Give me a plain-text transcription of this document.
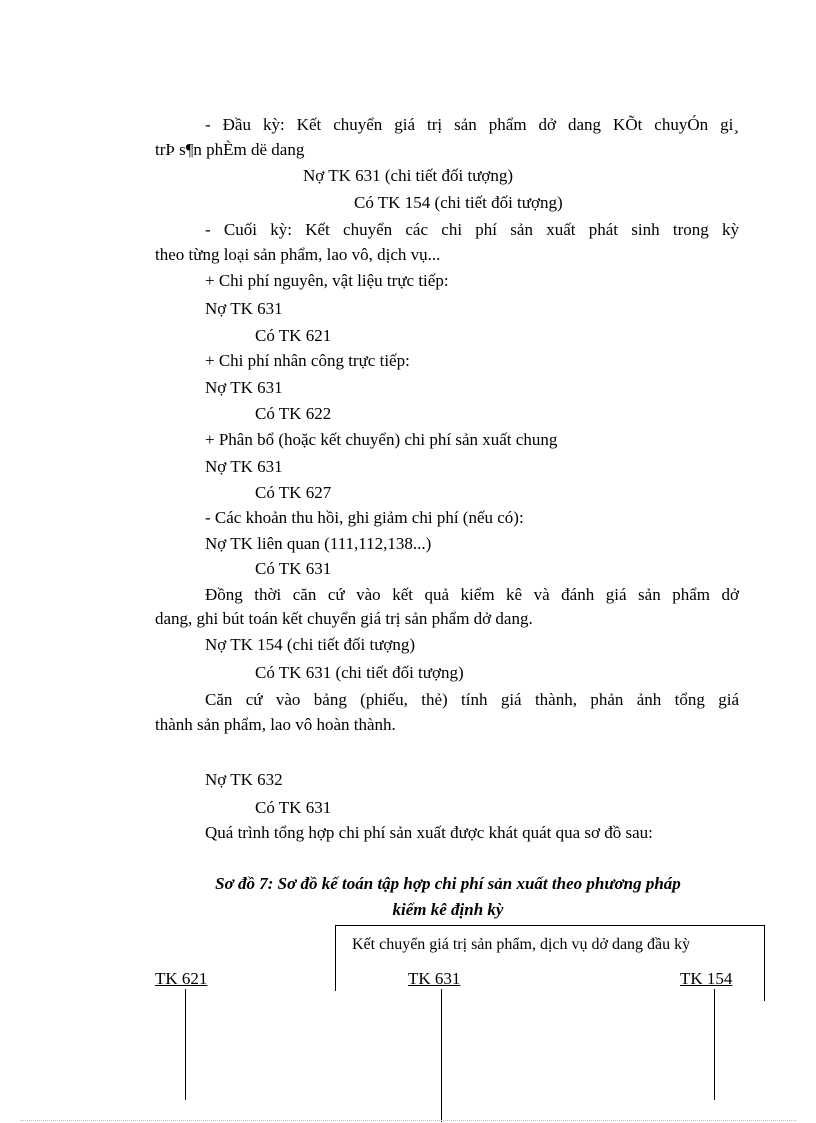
- Đầu kỳ: Kết chuyển giá trị sản phẩm dở dang KÕt chuyÓn gi¸
trÞ s¶n phÈm dë dang
Nợ TK 631 (chi tiết đối tượng)
Có TK 154 (chi tiết đối tượng)
- Cuối kỳ: Kết chuyển các chi phí sản xuất phát sinh trong kỳ
theo từng loại sản phẩm, lao vô, dịch vụ...
+ Chi phí nguyên, vật liệu trực tiếp:
Nợ TK 631
Có TK 621
+ Chi phí nhân công trực tiếp:
Nợ TK 631
Có TK 622
+ Phân bổ (hoặc kết chuyển) chi phí sản xuất chung
Nợ TK 631
Có TK 627
- Các khoản thu hồi, ghi giảm chi phí (nếu có):
Nợ TK liên quan (111,112,138...)
Có TK 631
Đồng thời căn cứ vào kết quả kiểm kê và đánh giá sản phẩm dở
dang, ghi bút toán kết chuyển giá trị sản phẩm dở dang.
Nợ TK 154 (chi tiết đối tượng)
Có TK 631 (chi tiết đối tượng)
Căn cứ vào bảng (phiếu, thẻ) tính giá thành, phản ảnh tổng giá
thành sản phẩm, lao vô hoàn thành.
Nợ TK 632
Có TK 631
Quá trình tổng hợp chi phí sản xuất được khát quát qua sơ đồ sau:
Sơ đồ 7: Sơ đồ kế toán tập hợp chi phí sản xuất theo phương pháp
kiểm kê định kỳ
Kết chuyển giá trị sản phẩm, dịch vụ dở dang đầu kỳ
TK 621	TK 631	TK 154
